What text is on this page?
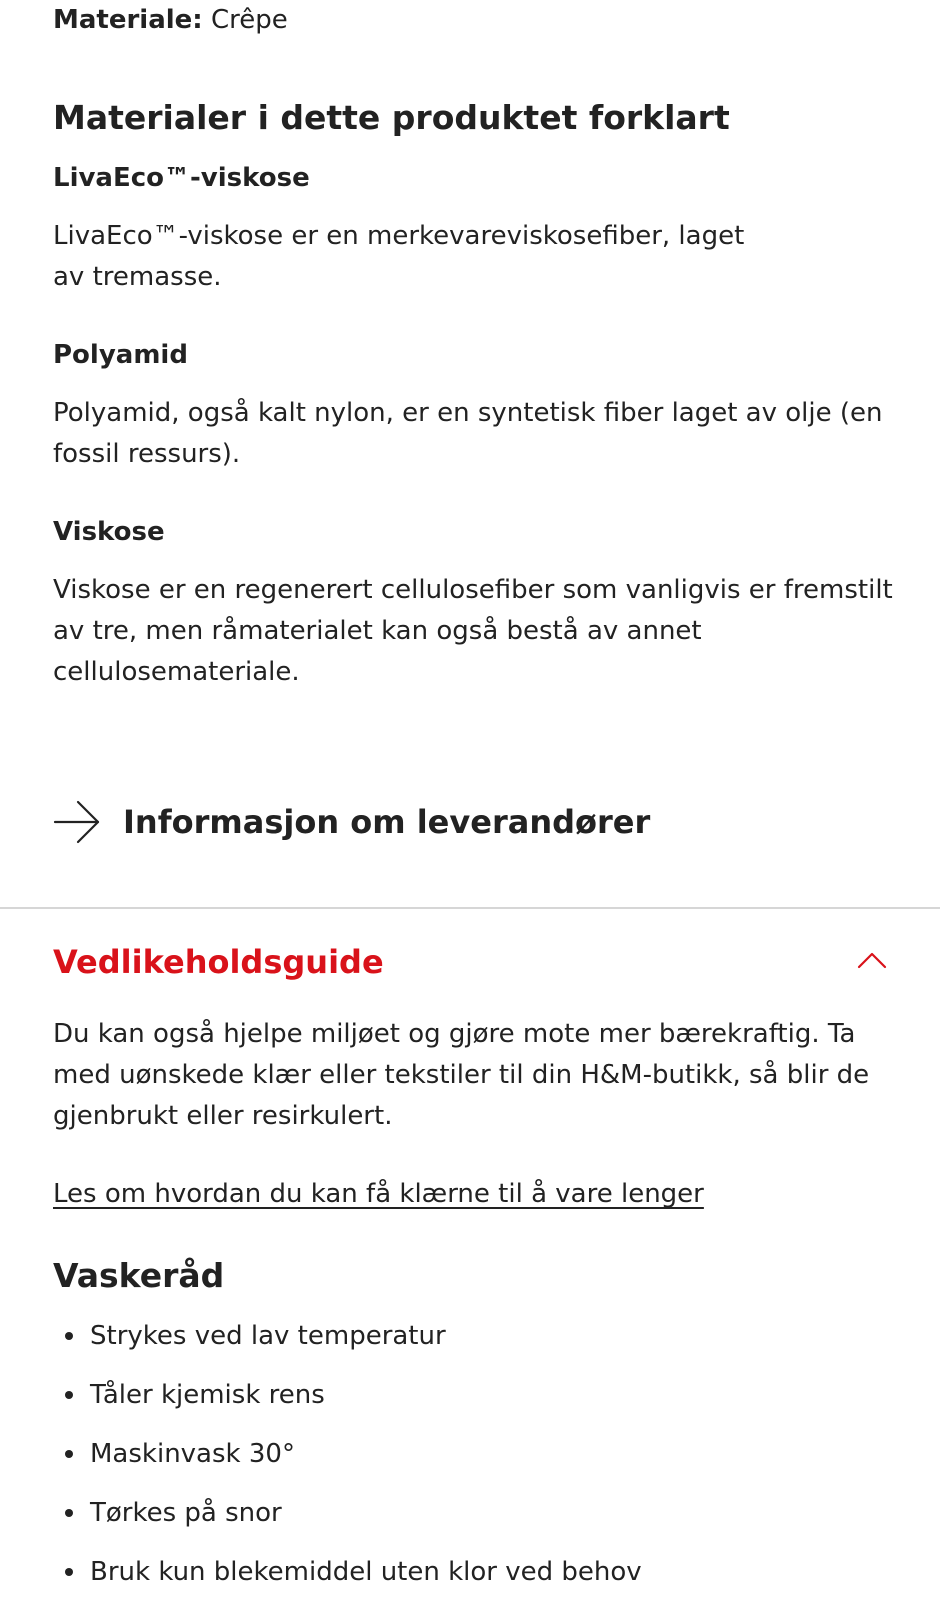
Materiale: Crêpe

Materialer i dette produktet forklart
LivaEco™-viskose

LivaEco™-viskose er en merkevareviskosefiber, laget
av tremasse.

Polyamid

Polyamid, også kalt nylon, er en syntetisk fiber laget av olje (en
fossil ressurs).

Viskose

Viskose er en regenerert cellulosefiber som vanligvis er fremstilt
av tre, men råmaterialet kan også bestå av annet
cellulosemateriale.

Informasjon om leverandører
Vedlikeholdsguide

Du kan også hjelpe miljøet og gjøre mote mer bærekraftig. Ta
med uønskede klær eller tekstiler til din H&M-butikk, så blir de
gjenbrukt eller resirkulert.

Les om hvordan du kan få klærne til å vare lenger
Vaskeråd
Strykes ved lav temperatur
Tåler kjemisk rens
Maskinvask 30°
Tørkes på snor
Bruk kun blekemiddel uten klor ved behov
